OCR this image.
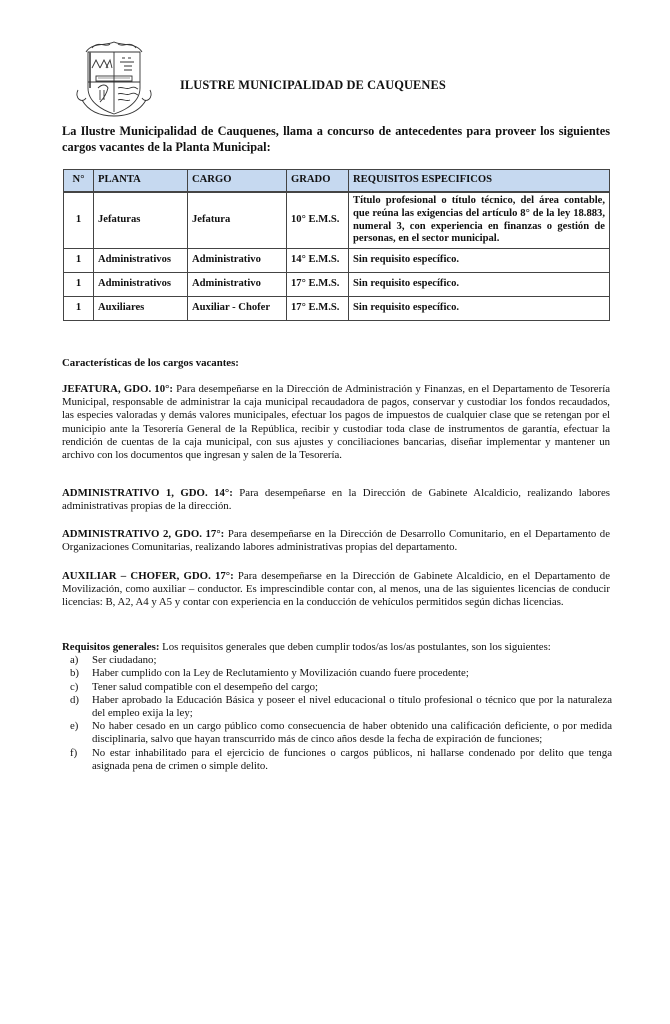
ILUSTRE MUNICIPALIDAD DE CAUQUENES
La Ilustre Municipalidad de Cauquenes, llama a concurso de antecedentes para proveer los siguientes cargos vacantes de la Planta Municipal:
N°	PLANTA	CARGO	GRADO	REQUISITOS ESPECIFICOS
1	Jefaturas	Jefatura	10° E.M.S.	Título profesional o título técnico, del área contable, que reúna las exigencias del artículo 8° de la ley 18.883, numeral 3, con experiencia en finanzas o gestión de personas, en el sector municipal.
1	Administrativos	Administrativo	14° E.M.S.	Sin requisito específico.
1	Administrativos	Administrativo	17° E.M.S.	Sin requisito específico.
1	Auxiliares	Auxiliar - Chofer	17° E.M.S.	Sin requisito específico.
Características de los cargos vacantes:
JEFATURA, GDO. 10°: Para desempeñarse en la Dirección de Administración y Finanzas, en el Departamento de Tesorería Municipal, responsable de administrar la caja municipal recaudadora de pagos, conservar y custodiar los fondos recaudados, las especies valoradas y demás valores municipales, efectuar los pagos de impuestos de cualquier clase que se retengan por el municipio ante la Tesorería General de la República, recibir y custodiar toda clase de instrumentos de garantía, efectuar la rendición de cuentas de la caja municipal, con sus ajustes y conciliaciones bancarias, diseñar implementar y mantener un archivo con los documentos que ingresan y salen de la Tesorería.
ADMINISTRATIVO 1, GDO. 14°: Para desempeñarse en la Dirección de Gabinete Alcaldicio, realizando labores administrativas propias de la dirección.
ADMINISTRATIVO 2, GDO. 17°: Para desempeñarse en la Dirección de Desarrollo Comunitario, en el Departamento de Organizaciones Comunitarias, realizando labores administrativas propias del departamento.
AUXILIAR – CHOFER, GDO. 17°: Para desempeñarse en la Dirección de Gabinete Alcaldicio, en el Departamento de Movilización, como auxiliar – conductor. Es imprescindible contar con, al menos, una de las siguientes licencias de conducir licencias: B, A2, A4 y A5 y contar con experiencia en la conducción de vehículos permitidos según dichas licencias.
Requisitos generales: Los requisitos generales que deben cumplir todos/as los/as postulantes, son los siguientes:
a)	Ser ciudadano;
b)	Haber cumplido con la Ley de Reclutamiento y Movilización cuando fuere procedente;
c)	Tener salud compatible con el desempeño del cargo;
d)	Haber aprobado la Educación Básica y poseer el nivel educacional o título profesional o técnico que por la naturaleza del empleo exija la ley;
e)	No haber cesado en un cargo público como consecuencia de haber obtenido una calificación deficiente, o por medida disciplinaria, salvo que hayan transcurrido más de cinco años desde la fecha de expiración de funciones;
f)	No estar inhabilitado para el ejercicio de funciones o cargos públicos, ni hallarse condenado por delito que tenga asignada pena de crimen o simple delito.
